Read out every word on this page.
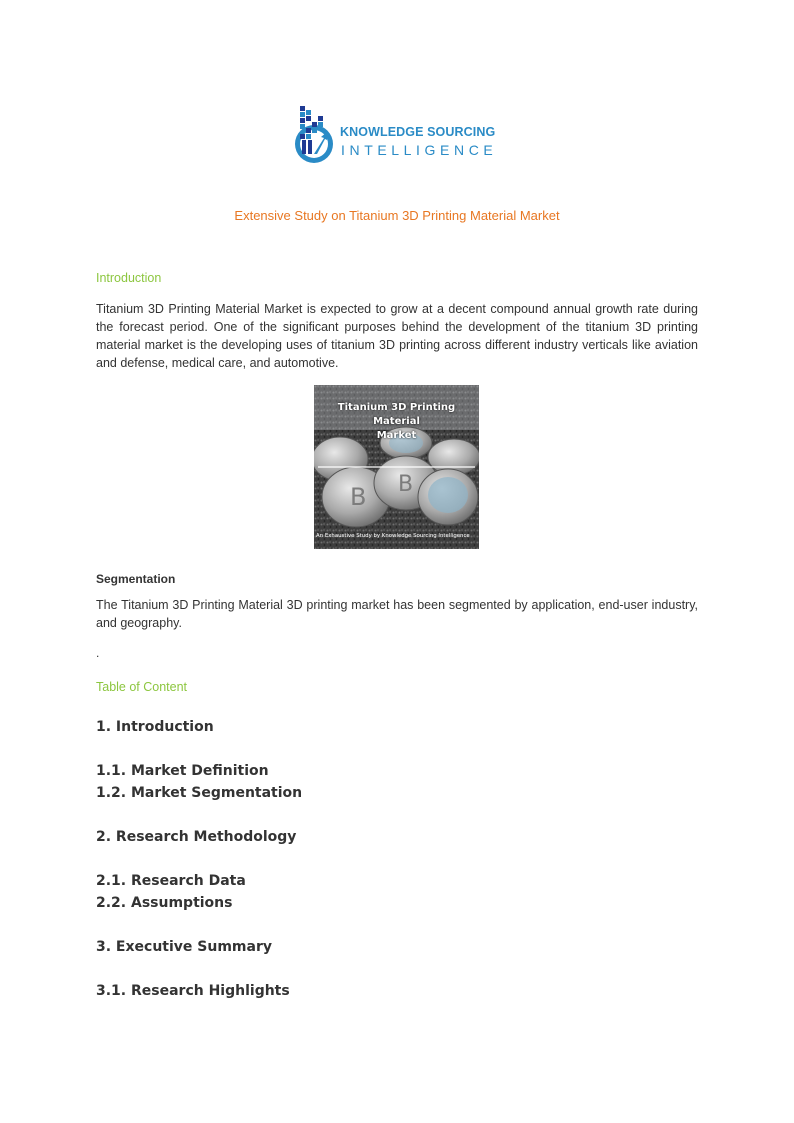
KNOWLEDGE SOURCING
INTELLIGENCE
Extensive Study on Titanium 3D Printing Material Market
Introduction
Titanium 3D Printing Material Market is expected to grow at a decent compound annual growth rate during the forecast period. One of the significant purposes behind the development of the titanium 3D printing material market is the developing uses of titanium 3D printing across different industry verticals like aviation and defense, medical care, and automotive.
B B
Titanium 3D Printing Material
Market
An Exhaustive Study by Knowledge Sourcing Intelligence
Segmentation
The Titanium 3D Printing Material 3D printing market has been segmented by application, end-user industry, and geography.
.
Table of Content
1. Introduction
1.1. Market Definition
1.2. Market Segmentation
2. Research Methodology
2.1. Research Data
2.2. Assumptions
3. Executive Summary
3.1. Research Highlights
